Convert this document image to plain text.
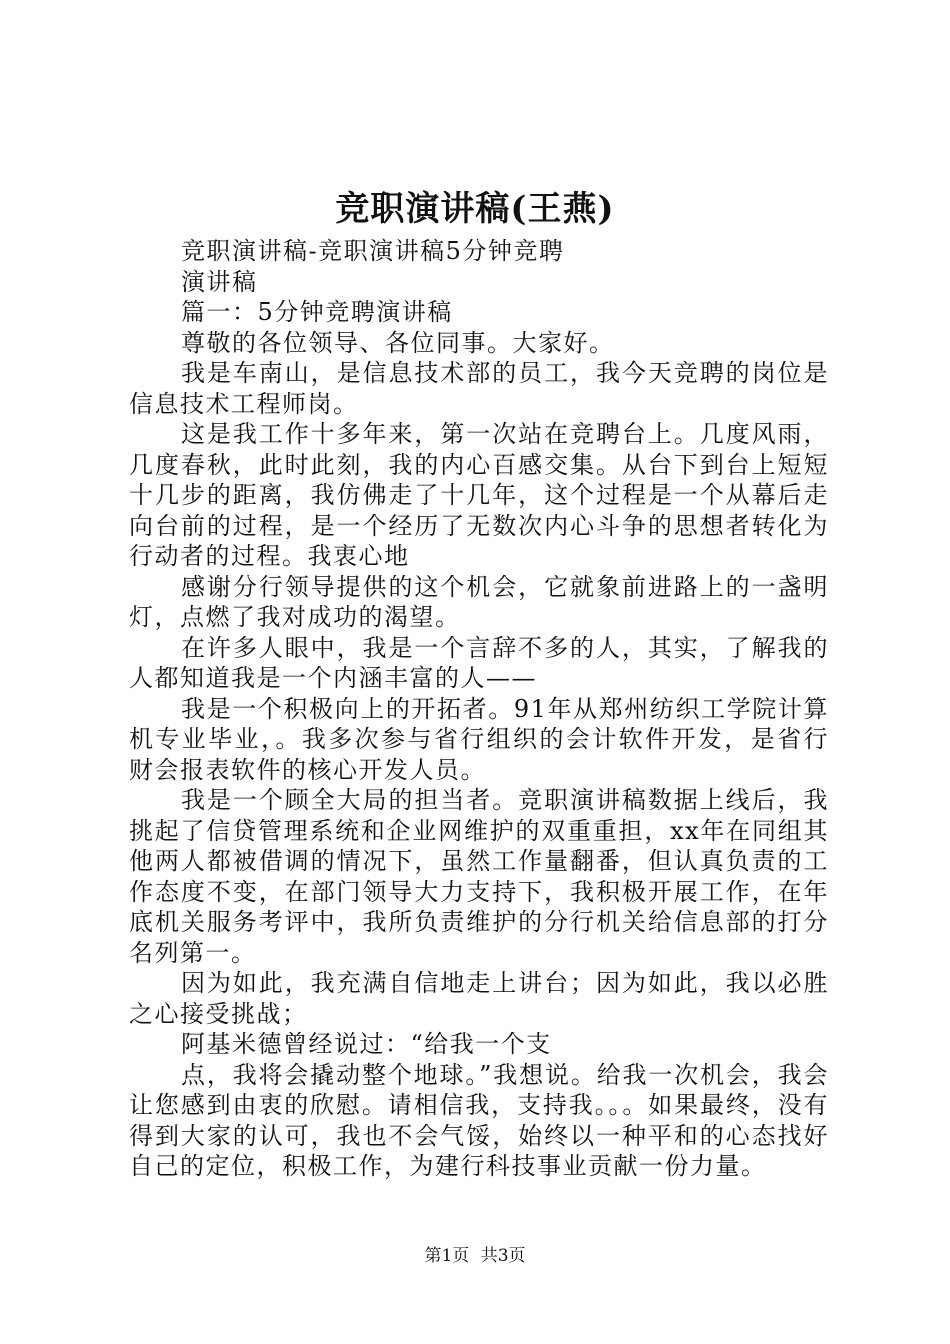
竞职演讲稿(王燕)

竞职演讲稿-竞职演讲稿5分钟竞聘

演讲稿

篇一：5分钟竞聘演讲稿

尊敬的各位领导、各位同事。大家好。

我是车南山，是信息技术部的员工，我今天竞聘的岗位是信息技术工程师岗。

这是我工作十多年来，第一次站在竞聘台上。几度风雨，几度春秋，此时此刻，我的内心百感交集。从台下到台上短短十几步的距离，我仿佛走了十几年，这个过程是一个从幕后走向台前的过程，是一个经历了无数次内心斗争的思想者转化为行动者的过程。我衷心地

感谢分行领导提供的这个机会，它就象前进路上的一盏明灯，点燃了我对成功的渴望。

在许多人眼中，我是一个言辞不多的人，其实，了解我的人都知道我是一个内涵丰富的人——

我是一个积极向上的开拓者。91年从郑州纺织工学院计算机专业毕业，。我多次参与省行组织的会计软件开发，是省行财会报表软件的核心开发人员。

我是一个顾全大局的担当者。竞职演讲稿数据上线后，我挑起了信贷管理系统和企业网维护的双重重担，xx年在同组其他两人都被借调的情况下，虽然工作量翻番，但认真负责的工作态度不变，在部门领导大力支持下，我积极开展工作，在年底机关服务考评中，我所负责维护的分行机关给信息部的打分名列第一。

因为如此，我充满自信地走上讲台；因为如此，我以必胜之心接受挑战；

阿基米德曾经说过：“给我一个支

点，我将会撬动整个地球。”我想说。给我一次机会，我会让您感到由衷的欣慰。请相信我，支持我。。。如果最终，没有得到大家的认可，我也不会气馁，始终以一种平和的心态找好自己的定位，积极工作，为建行科技事业贡献一份力量。

第1页 共3页
